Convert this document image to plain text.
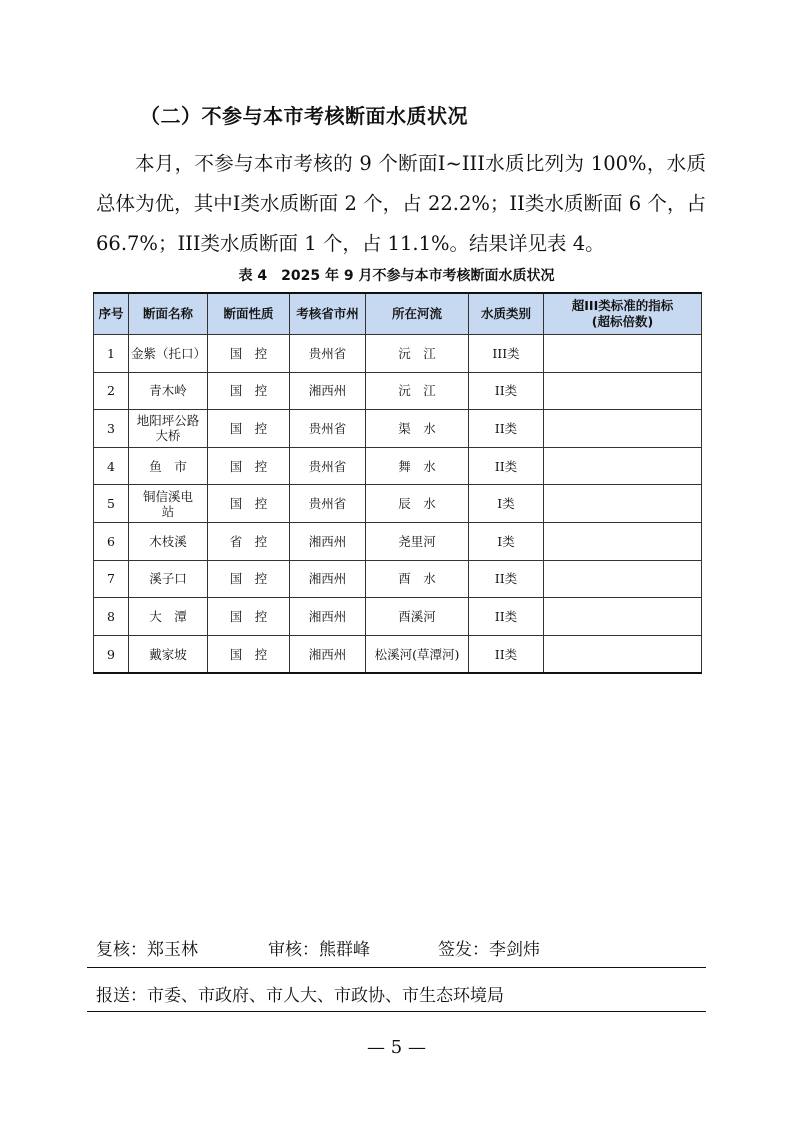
（二）不参与本市考核断面水质状况
本月，不参与本市考核的 9 个断面I~III水质比列为 100%，水质总体为优，其中I类水质断面 2 个，占 22.2%；II类水质断面 6 个，占 66.7%；III类水质断面 1 个，占 11.1%。结果详见表 4。
表 4　2025 年 9 月不参与本市考核断面水质状况
序号	断面名称	断面性质	考核省市州	所在河流	水质类别	超III类标准的指标
(超标倍数)

1	金紫（托口）	国　控	贵州省	沅　江	III类	
2	青木岭	国　控	湘西州	沅　江	II类	
3	地阳坪公路大桥	国　控	贵州省	渠　水	II类	
4	鱼　市	国　控	贵州省	舞　水	II类	
5	铜信溪电　站	国　控	贵州省	辰　水	I类	
6	木枝溪	省　控	湘西州	尧里河	I类	
7	溪子口	国　控	湘西州	酉　水	II类	
8	大　潭	国　控	湘西州	酉溪河	II类	
9	戴家坡	国　控	湘西州	松溪河(草潭河)	II类	
复核：郑玉林	审核：熊群峰	签发：李剑炜
报送：市委、市政府、市人大、市政协、市生态环境局
— 5 —
